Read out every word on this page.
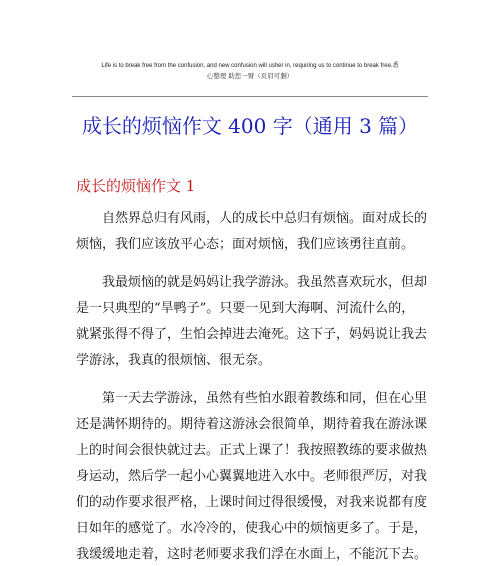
Life is to break free from the confusion, and new confusion will usher in, requiring us to continue to break free.悉
心整理 助您一臂（页眉可删）
成长的烦恼作文 400 字（通用 3 篇）
成长的烦恼作文 1

自然界总归有风雨，人的成长中总归有烦恼。面对成长的
烦恼，我们应该放平心态；面对烦恼，我们应该勇往直前。

我最烦恼的就是妈妈让我学游泳。我虽然喜欢玩水，但却
是一只典型的“旱鸭子”。只要一见到大海啊、河流什么的，
就紧张得不得了，生怕会掉进去淹死。这下子，妈妈说让我去
学游泳，我真的很烦恼、很无奈。

第一天去学游泳，虽然有些怕水跟着教练和同，但在心里
还是满怀期待的。期待着这游泳会很简单，期待着我在游泳课
上的时间会很快就过去。正式上课了！我按照教练的要求做热
身运动，然后学一起小心翼翼地进入水中。老师很严厉，对我
们的动作要求很严格，上课时间过得很缓慢，对我来说都有度
日如年的感觉了。水冷冷的，使我心中的烦恼更多了。于是，
我缓缓地走着，这时老师要求我们浮在水面上，不能沉下去。
